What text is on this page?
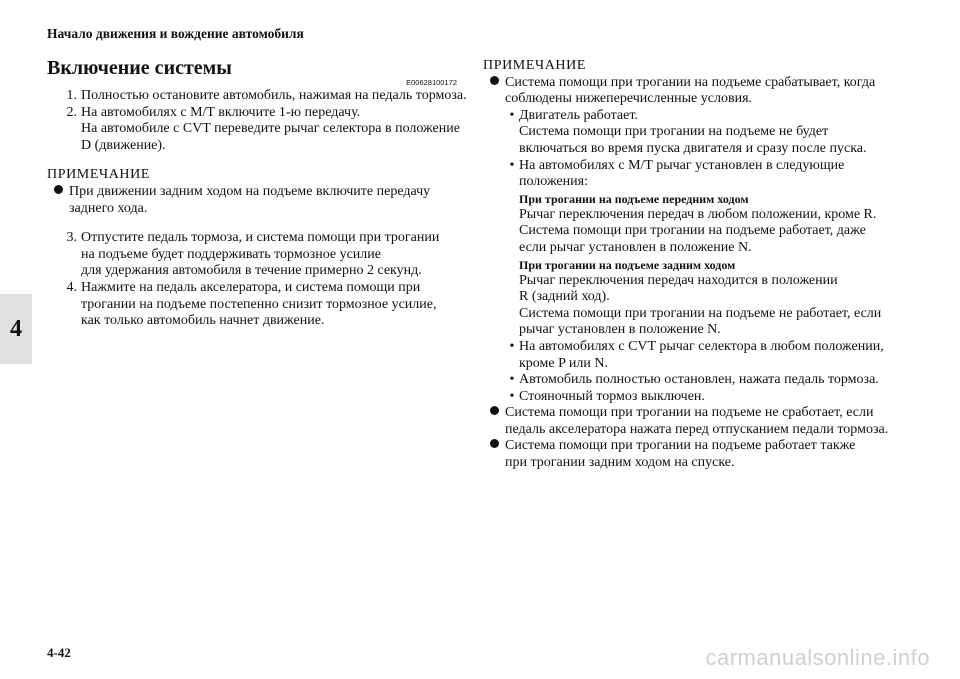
Начало движения и вождение автомобиля
Включение системы
E00628100172
1. Полностью остановите автомобиль, нажимая на педаль тормоза.
2. На автомобилях с M/T включите 1-ю передачу.
На автомобиле с CVT переведите рычаг селектора в положение
D (движение).
ПРИМЕЧАНИЕ
При движении задним ходом на подъеме включите передачу
заднего хода.
3. Отпустите педаль тормоза, и система помощи при трогании
на подъеме будет поддерживать тормозное усилие
для удержания автомобиля в течение примерно 2 секунд.
4. Нажмите на педаль акселератора, и система помощи при
трогании на подъеме постепенно снизит тормозное усилие,
как только автомобиль начнет движение.
ПРИМЕЧАНИЕ
Система помощи при трогании на подъеме срабатывает, когда
соблюдены нижеперечисленные условия.
• Двигатель работает.
Система помощи при трогании на подъеме не будет
включаться во время пуска двигателя и сразу после пуска.
• На автомобилях с M/T рычаг установлен в следующие
положения:
При трогании на подъеме передним ходом
Рычаг переключения передач в любом положении, кроме R.
Система помощи при трогании на подъеме работает, даже
если рычаг установлен в положение N.
При трогании на подъеме задним ходом
Рычаг переключения передач находится в положении
R (задний ход).
Система помощи при трогании на подъеме не работает, если
рычаг установлен в положение N.
• На автомобилях с CVT рычаг селектора в любом положении,
кроме P или N.
• Автомобиль полностью остановлен, нажата педаль тормоза.
• Стояночный тормоз выключен.
Система помощи при трогании на подъеме не сработает, если
педаль акселератора нажата перед отпусканием педали тормоза.
Система помощи при трогании на подъеме работает также
при трогании задним ходом на спуске.
4
4-42	carmanualsonline.info
